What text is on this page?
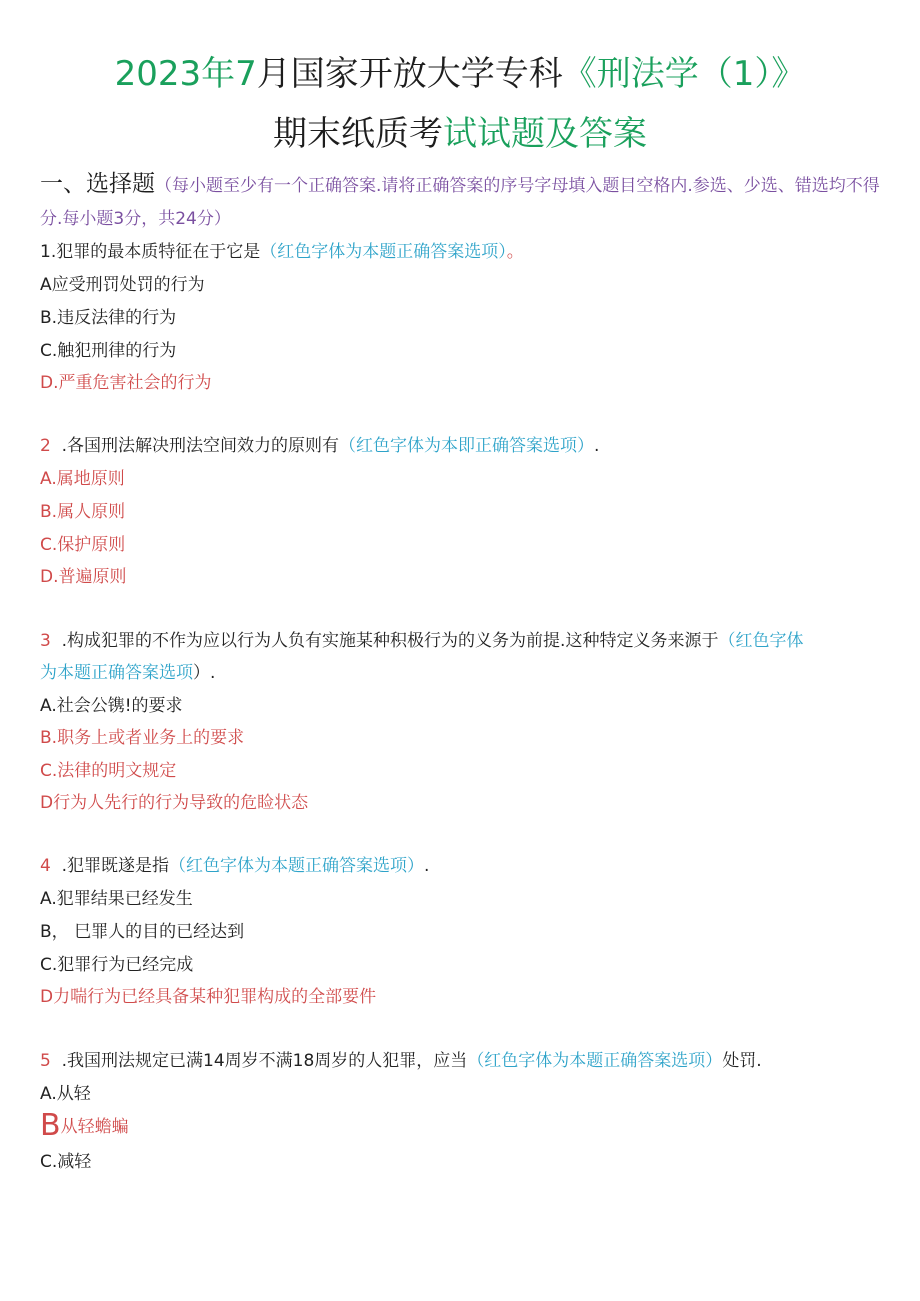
2023年7月国家开放大学专科《刑法学（1）》
期末纸质考试试题及答案
一、选择题（每小题至少有一个正确答案.请将正确答案的序号字母填入题目空格内.参选、少选、错选均不得分.每小题3分，共24分）
1.犯罪的最本质特征在于它是（红色字体为本题正确答案选项）。
A应受刑罚处罚的行为
B.违反法律的行为
C.触犯刑律的行为
D.严重危害社会的行为
2 .各国刑法解决刑法空间效力的原则有（红色字体为本即正确答案选项）.
A.属地原则
B.属人原则
C.保护原则
D.普遍原则
3 .构成犯罪的不作为应以行为人负有实施某种积极行为的义务为前提.这种特定义务来源于（红色字体
为本题正确答案选项）.
A.社会公镌!的要求
B.职务上或者业务上的要求
C.法律的明文规定
D行为人先行的行为导致的危睑状态
4 .犯罪既遂是指（红色字体为本题正确答案选项）.
A.犯罪结果已经发生
B， 巳罪人的目的已经达到
C.犯罪行为已经完成
D力喘行为已经具备某种犯罪构成的全部要件
5 .我国刑法规定已满14周岁不满18周岁的人犯罪，应当（红色字体为本题正确答案选项）处罚.
A.从轻
B从轻蟾蝙
C.减轻
